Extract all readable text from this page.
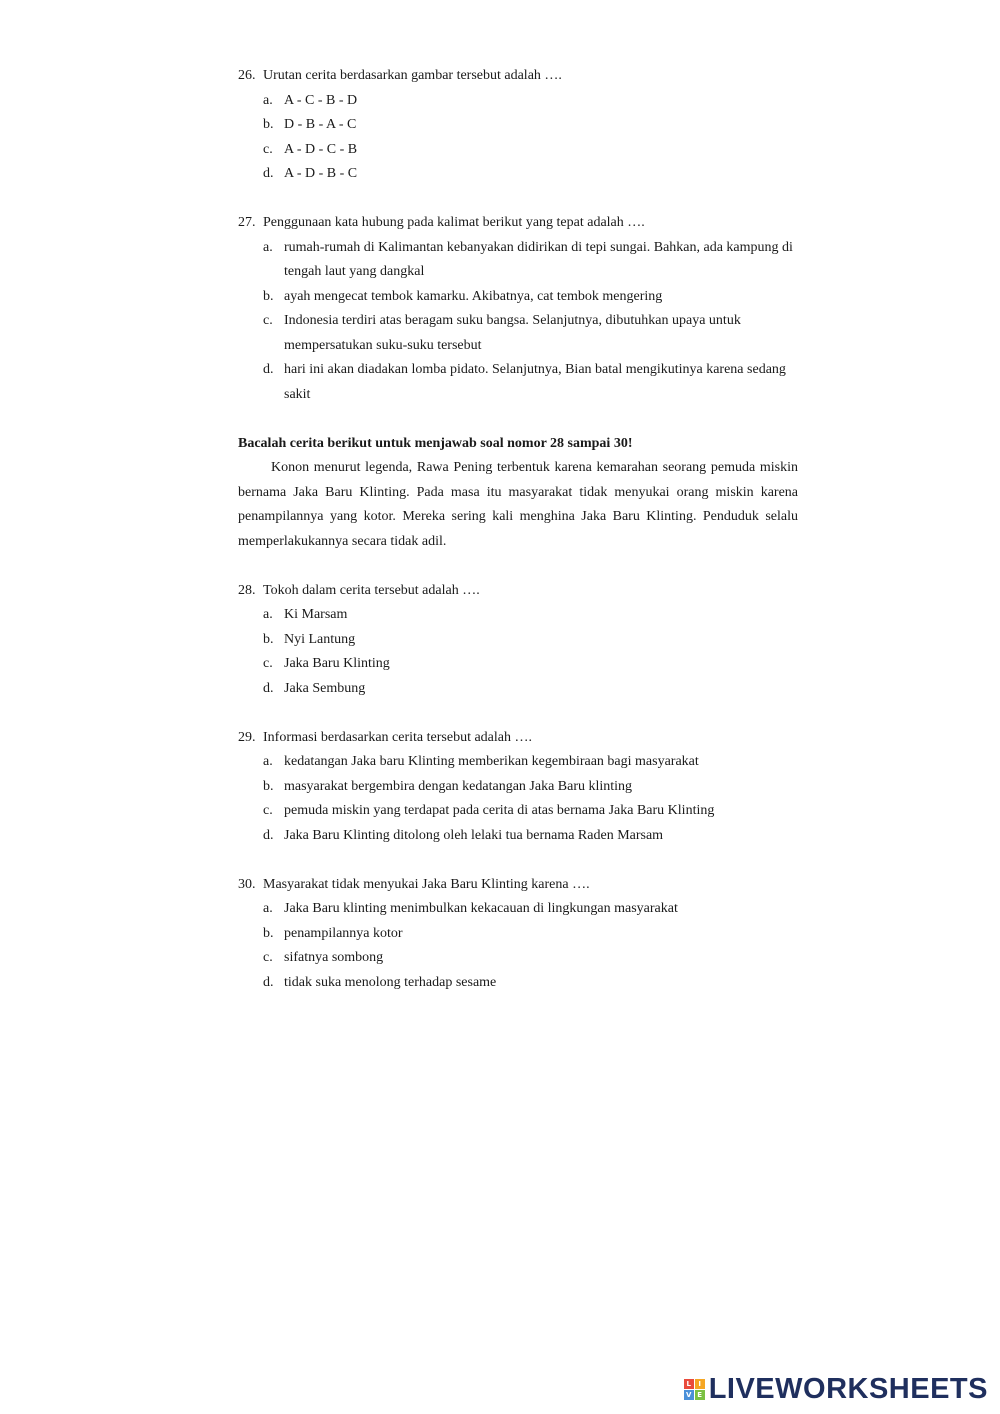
26. Urutan cerita berdasarkan gambar tersebut adalah ….
a. A - C - B - D
b. D - B - A - C
c. A - D - C - B
d. A - D - B - C
27. Penggunaan kata hubung pada kalimat berikut yang tepat adalah ….
a. rumah-rumah di Kalimantan kebanyakan didirikan di tepi sungai. Bahkan, ada kampung di tengah laut yang dangkal
b. ayah mengecat tembok kamarku. Akibatnya, cat tembok mengering
c. Indonesia terdiri atas beragam suku bangsa. Selanjutnya, dibutuhkan upaya untuk mempersatukan suku-suku tersebut
d. hari ini akan diadakan lomba pidato. Selanjutnya, Bian batal mengikutinya karena sedang sakit

Bacalah cerita berikut untuk menjawab soal nomor 28 sampai 30!

Konon menurut legenda, Rawa Pening terbentuk karena kemarahan seorang pemuda miskin bernama Jaka Baru Klinting. Pada masa itu masyarakat tidak menyukai orang miskin karena penampilannya yang kotor. Mereka sering kali menghina Jaka Baru Klinting. Penduduk selalu memperlakukannya secara tidak adil.

28. Tokoh dalam cerita tersebut adalah ….
a. Ki Marsam
b. Nyi Lantung
c. Jaka Baru Klinting
d. Jaka Sembung
29. Informasi berdasarkan cerita tersebut adalah ….
a. kedatangan Jaka baru Klinting memberikan kegembiraan bagi masyarakat
b. masyarakat bergembira dengan kedatangan Jaka Baru klinting
c. pemuda miskin yang terdapat pada cerita di atas bernama Jaka Baru Klinting
d. Jaka Baru Klinting ditolong oleh lelaki tua bernama Raden Marsam
30. Masyarakat tidak menyukai Jaka Baru Klinting karena ….
a. Jaka Baru klinting menimbulkan kekacauan di lingkungan masyarakat
b. penampilannya kotor
c. sifatnya sombong
d. tidak suka menolong terhadap sesame
L	I
V E LIVEWORKSHEETS
